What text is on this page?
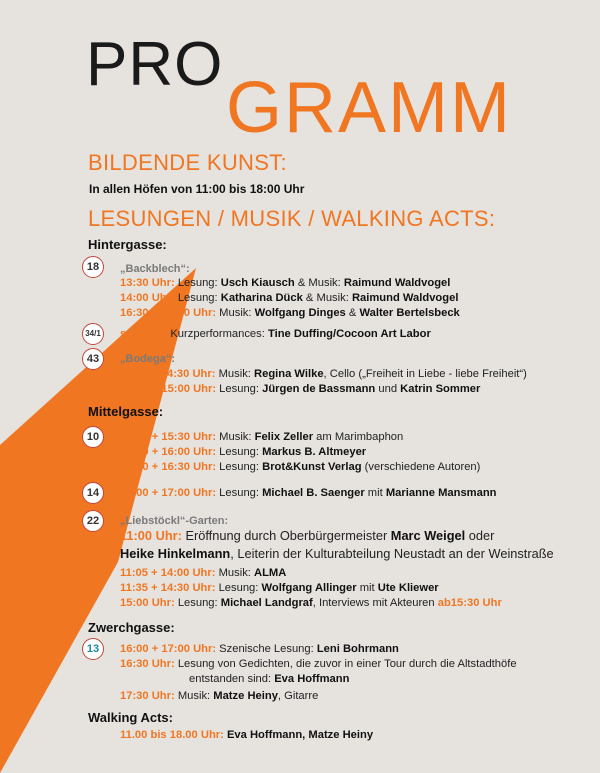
PRO
GRAMM
BILDENDE KUNST:
In allen Höfen von 11:00 bis 18:00 Uhr
LESUNGEN / MUSIK / WALKING ACTS:
Hintergasse:
18	„Backblech“:
13:30 Uhr: Lesung: Usch Kiausch & Musik: Raimund Waldvogel
14:00 Uhr: Lesung: Katharina Dück & Musik: Raimund Waldvogel
16:30 + 17:30 Uhr: Musik: Wolfgang Dinges & Walter Bertelsbeck
34/1 spontan: Kurzperformances: Tine Duffing/Cocoon Art Labor
43	„Bodega“:
11:30 + 14:30 Uhr: Musik: Regina Wilke, Cello („Freiheit in Liebe - liebe Freiheit“)
12:00 + 15:00 Uhr: Lesung: Jürgen de Bassmann und Katrin Sommer
Mittelgasse:
10	12:00 + 15:30 Uhr: Musik: Felix Zeller am Marimbaphon
12:30 + 16:00 Uhr: Lesung: Markus B. Altmeyer
15:00 + 16:30 Uhr: Lesung: Brot&Kunst Verlag (verschiedene Autoren)
14	13:00 + 17:00 Uhr: Lesung: Michael B. Saenger mit Marianne Mansmann
22	„Liebstöckl“-Garten:
11:00 Uhr: Eröffnung durch Oberbürgermeister Marc Weigel oder
Heike Hinkelmann, Leiterin der Kulturabteilung Neustadt an der Weinstraße
11:05 + 14:00 Uhr: Musik: ALMA
11:35 + 14:30 Uhr: Lesung: Wolfgang Allinger mit Ute Kliewer
15:00 Uhr: Lesung: Michael Landgraf, Interviews mit Akteuren ab15:30 Uhr
Zwerchgasse:
13	16:00 + 17:00 Uhr: Szenische Lesung: Leni Bohrmann
16:30 Uhr: Lesung von Gedichten, die zuvor in einer Tour durch die Altstadthöfe
entstanden sind: Eva Hoffmann
17:30 Uhr: Musik: Matze Heiny, Gitarre
Walking Acts:
11.00 bis 18.00 Uhr: Eva Hoffmann, Matze Heiny
